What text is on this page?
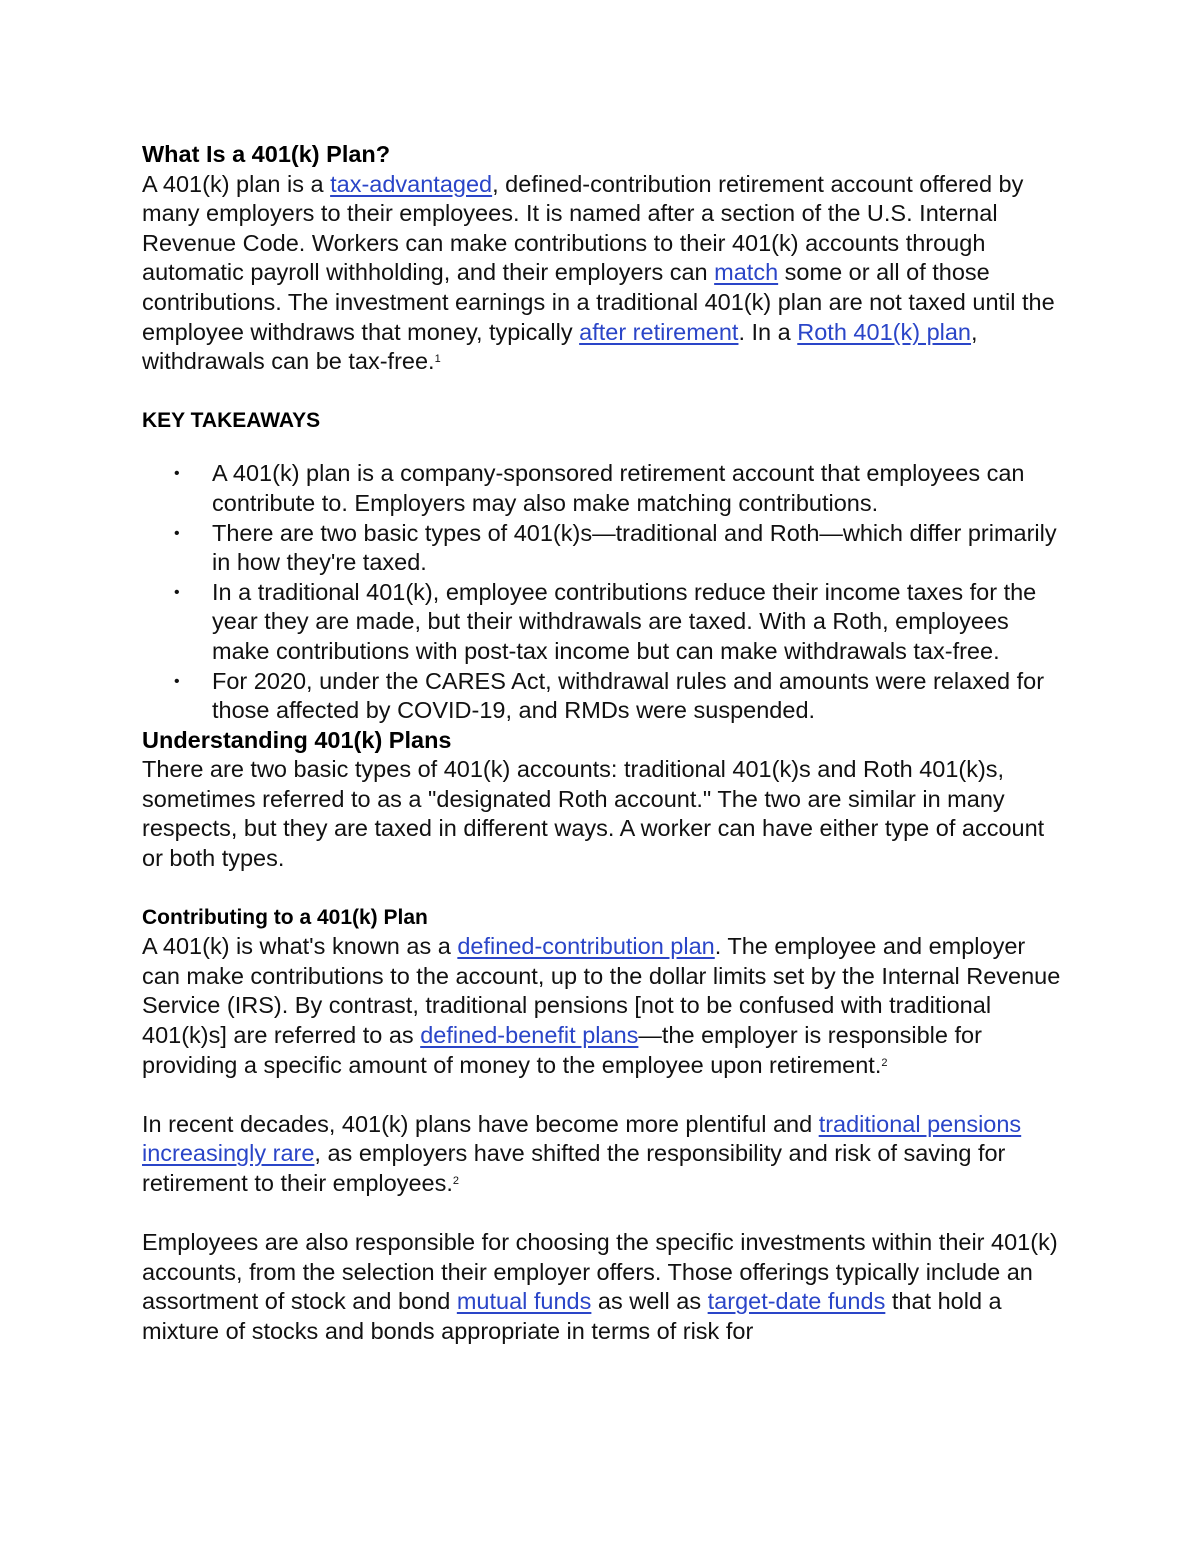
What Is a 401(k) Plan?

A 401(k) plan is a tax-advantaged, defined-contribution retirement account offered by many employers to their employees. It is named after a section of the U.S. Internal Revenue Code. Workers can make contributions to their 401(k) accounts through automatic payroll withholding, and their employers can match some or all of those contributions. The investment earnings in a traditional 401(k) plan are not taxed until the employee withdraws that money, typically after retirement. In a Roth 401(k) plan, withdrawals can be tax-free.$^1$

KEY TAKEAWAYS
• A 401(k) plan is a company-sponsored retirement account that employees can contribute to. Employers may also make matching contributions.
• There are two basic types of 401(k)s—traditional and Roth—which differ primarily in how they're taxed.
• In a traditional 401(k), employee contributions reduce their income taxes for the year they are made, but their withdrawals are taxed. With a Roth, employees make contributions with post-tax income but can make withdrawals tax-free.
• For 2020, under the CARES Act, withdrawal rules and amounts were relaxed for those affected by COVID-19, and RMDs were suspended.
Understanding 401(k) Plans

There are two basic types of 401(k) accounts: traditional 401(k)s and Roth 401(k)s, sometimes referred to as a "designated Roth account." The two are similar in many respects, but they are taxed in different ways. A worker can have either type of account or both types.

Contributing to a 401(k) Plan

A 401(k) is what's known as a defined-contribution plan. The employee and employer can make contributions to the account, up to the dollar limits set by the Internal Revenue Service (IRS). By contrast, traditional pensions [not to be confused with traditional 401(k)s] are referred to as defined-benefit plans—the employer is responsible for providing a specific amount of money to the employee upon retirement.$^2$

In recent decades, 401(k) plans have become more plentiful and traditional pensions increasingly rare, as employers have shifted the responsibility and risk of saving for retirement to their employees.$^2$

Employees are also responsible for choosing the specific investments within their 401(k) accounts, from the selection their employer offers. Those offerings typically include an assortment of stock and bond mutual funds as well as target-date funds that hold a mixture of stocks and bonds appropriate in terms of risk for
